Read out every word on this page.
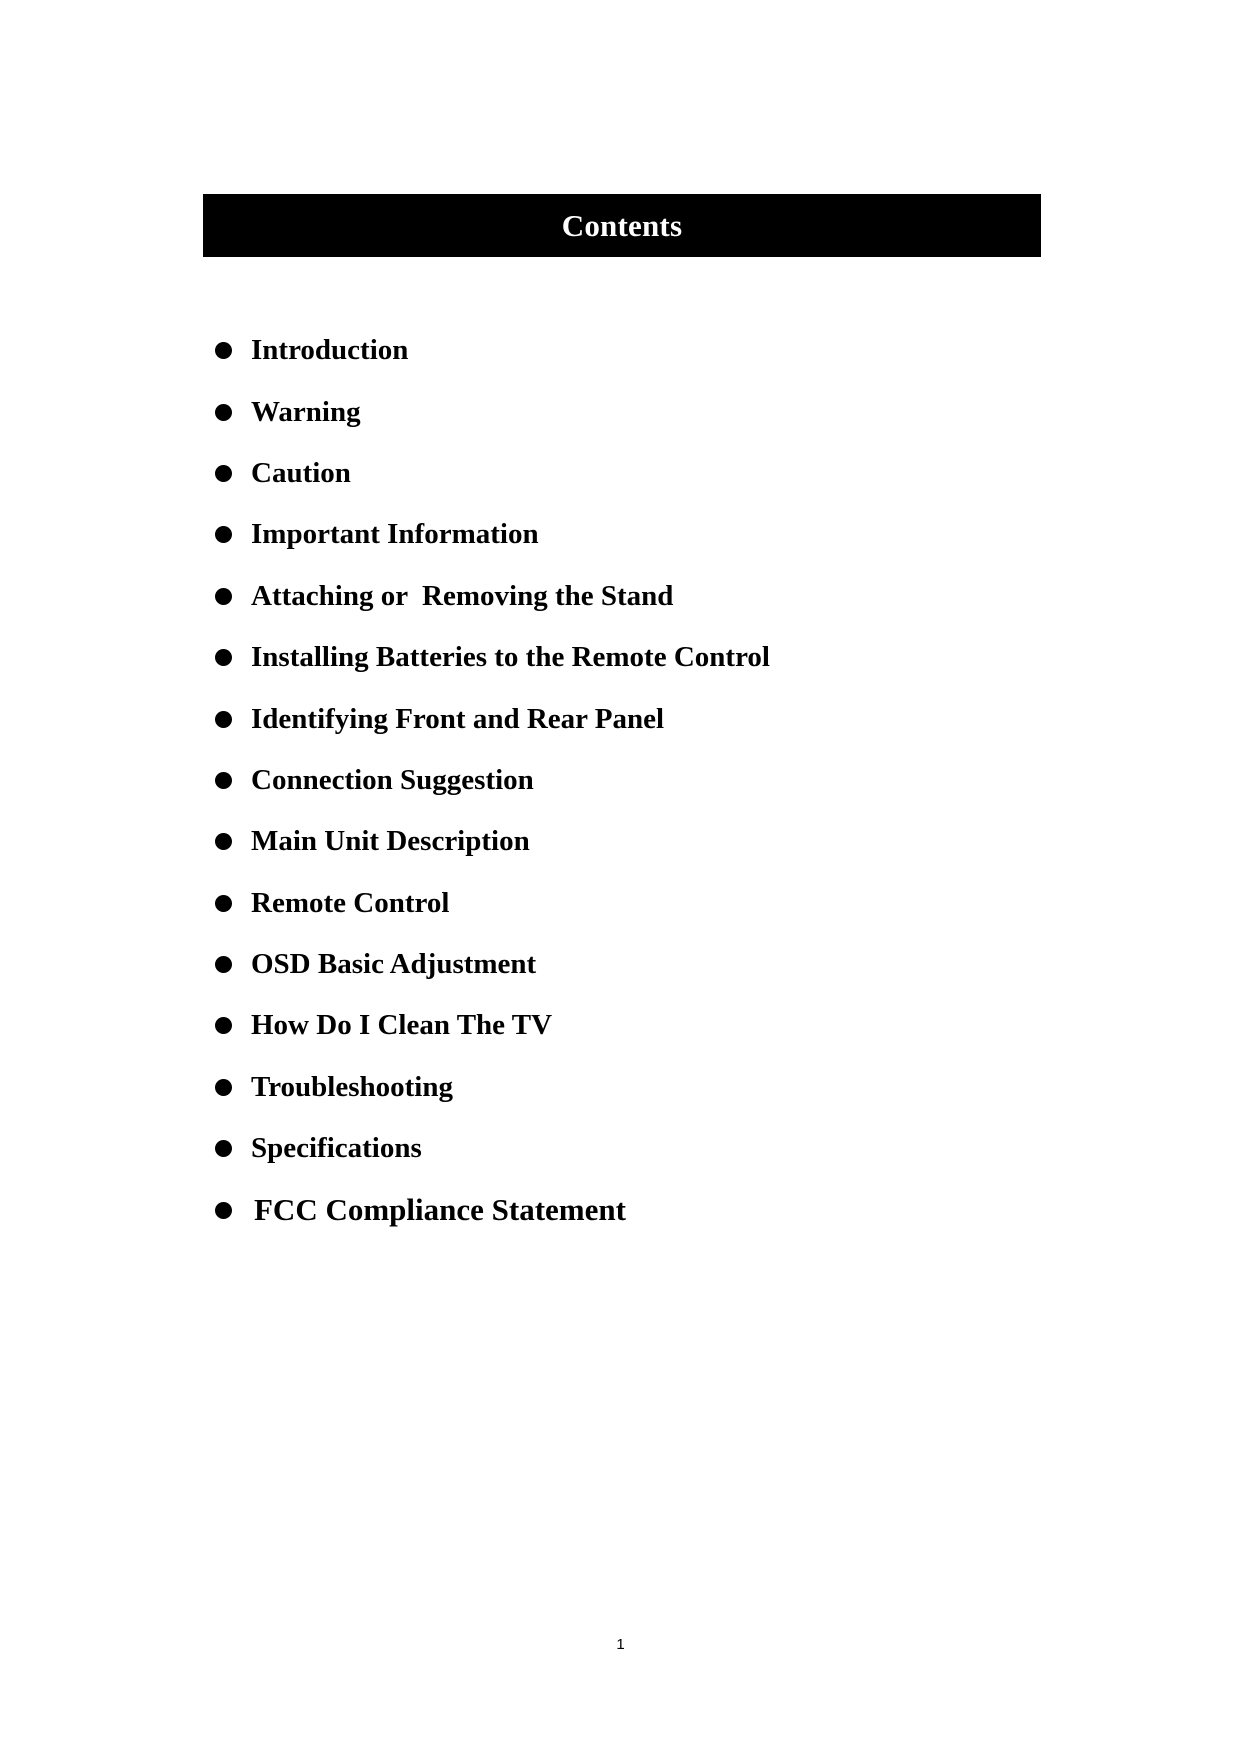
Contents
Introduction
Warning
Caution
Important Information
Attaching or  Removing the Stand
Installing Batteries to the Remote Control
Identifying Front and Rear Panel
Connection Suggestion
Main Unit Description
Remote Control
OSD Basic Adjustment
How Do I Clean The TV
Troubleshooting
Specifications
FCC Compliance Statement
1
